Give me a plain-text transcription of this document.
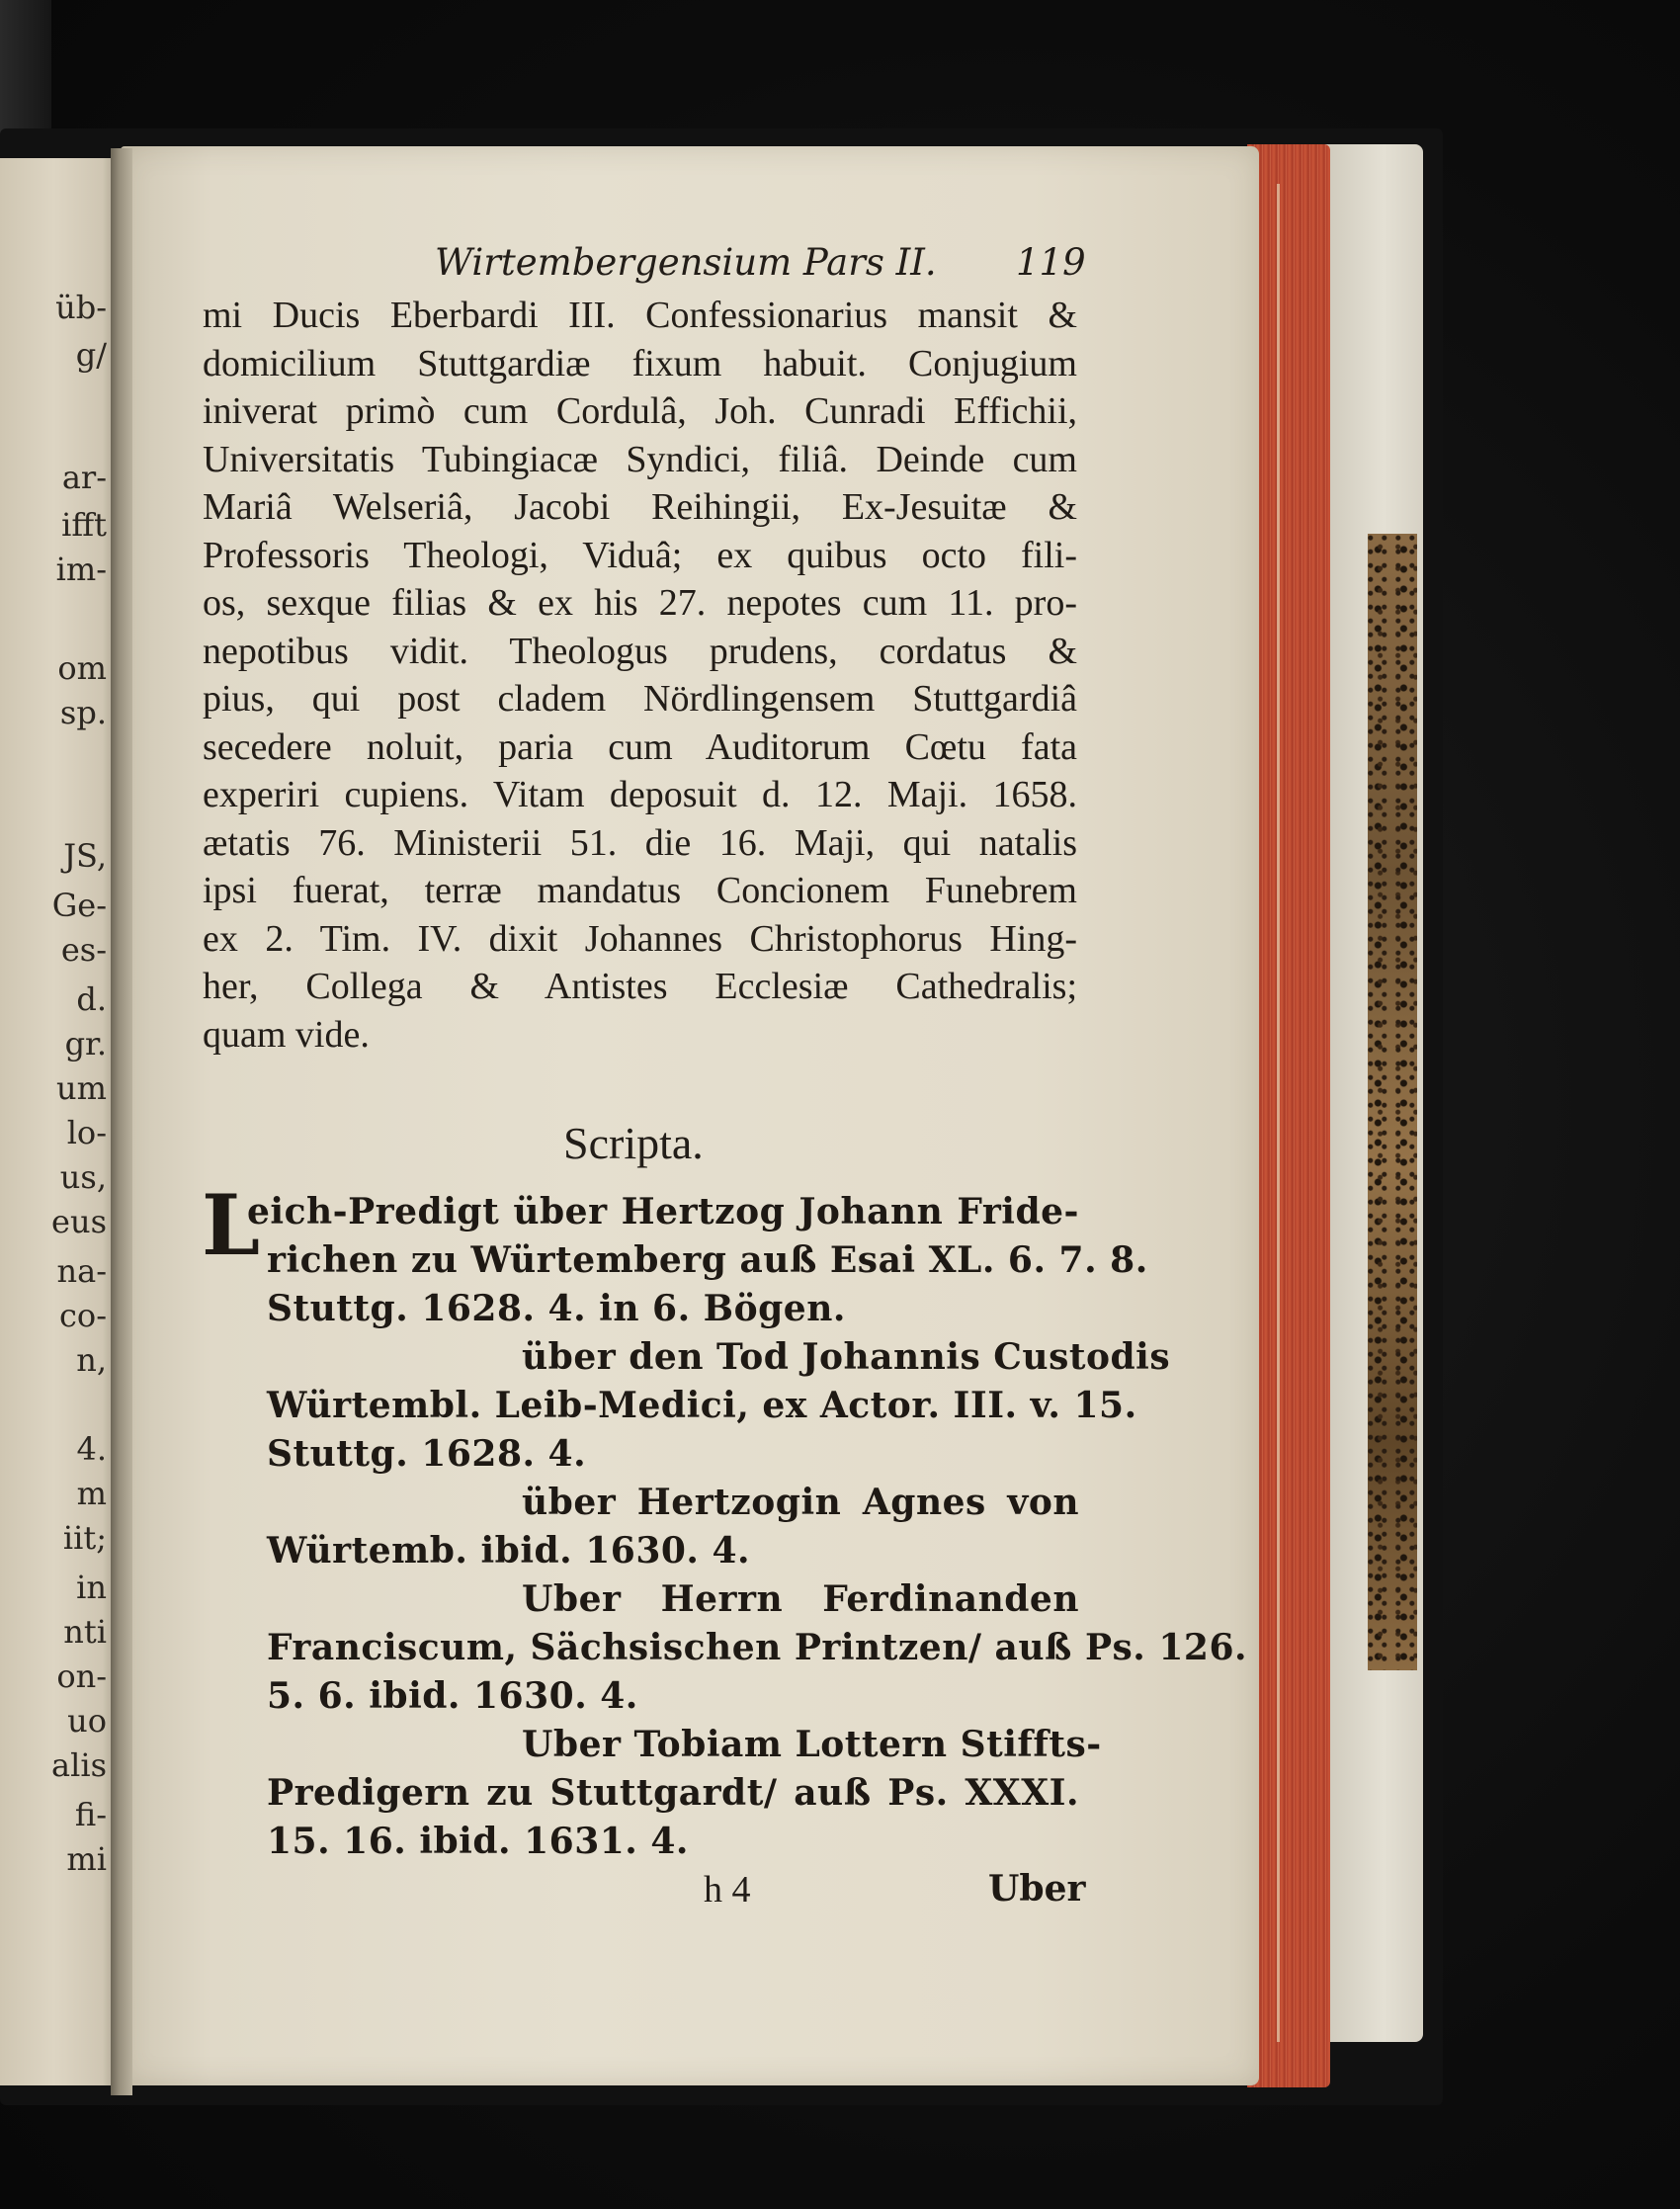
üb-
g/
ar-
ifft
im-
om
sp.
JS,
Ge-
es-
d.
gr.
um
lo-
us,
eus
na-
co-
n,
4.
m
iit;
in
nti
on-
uo
alis
fi-
mi
Wirtembergensium Pars II. 119
mi Ducis Eberbardi III. Confessionarius mansit &
domicilium Stuttgardiæ fixum habuit. Conjugium
iniverat primò cum Cordulâ, Joh. Cunradi Effichii,
Universitatis Tubingiacæ Syndici, filiâ. Deinde cum
Mariâ Welseriâ, Jacobi Reihingii, Ex-Jesuitæ &
Professoris Theologi, Viduâ; ex quibus octo fili-
os, sexque filias & ex his 27. nepotes cum 11. pro-
nepotibus vidit. Theologus prudens, cordatus &
pius, qui post cladem Nördlingensem Stuttgardiâ
secedere noluit, paria cum Auditorum Cœtu fata
experiri cupiens. Vitam deposuit d. 12. Maji. 1658.
ætatis 76. Ministerii 51. die 16. Maji, qui natalis
ipsi fuerat, terræ mandatus Concionem Funebrem
ex 2. Tim. IV. dixit Johannes Christophorus Hing-
her, Collega & Antistes Ecclesiæ Cathedralis;
quam vide.
Scripta.
L
eich-Predigt über Hertzog Johann Fride-
richen zu Würtemberg auß Esai XL. 6. 7. 8.
Stuttg. 1628. 4. in 6. Bögen.
über den Tod Johannis Custodis
Würtembl. Leib-Medici, ex Actor. III. v. 15.
Stuttg. 1628. 4.
über Hertzogin Agnes von
Würtemb. ibid. 1630. 4.
Uber Herrn Ferdinanden
Franciscum, Sächsischen Printzen/ auß Ps. 126.
5. 6. ibid. 1630. 4.
Uber Tobiam Lottern Stiffts-
Predigern zu Stuttgardt/ auß Ps. XXXI.
15. 16. ibid. 1631. 4.
h 4	Uber
